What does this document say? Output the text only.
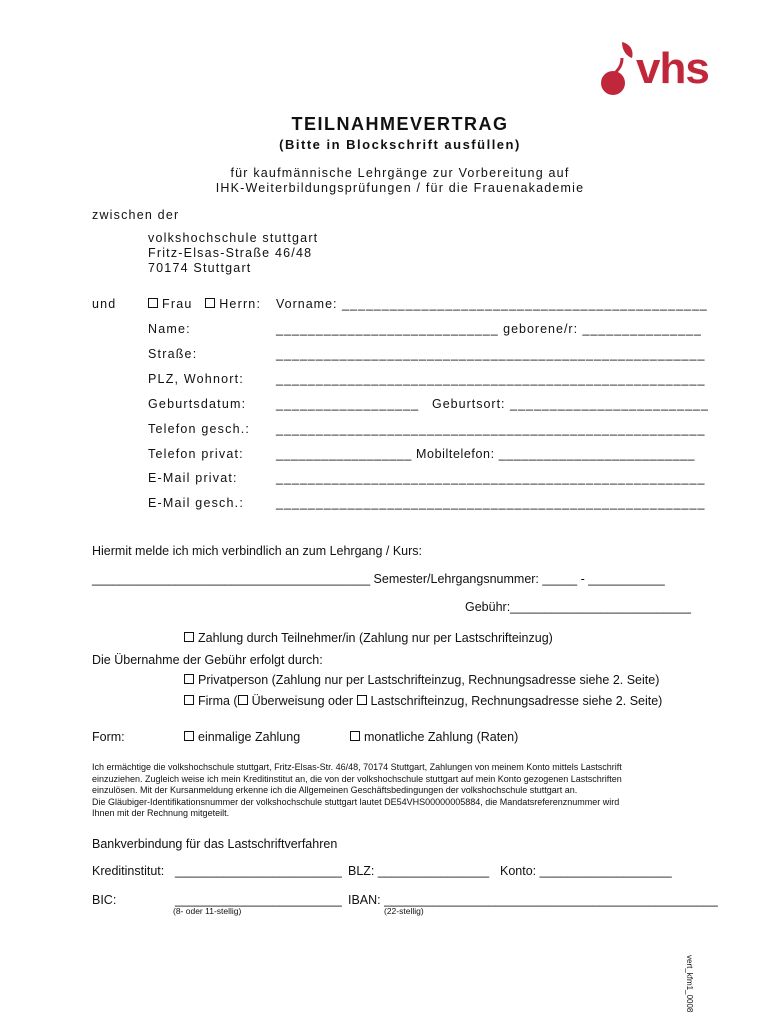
vhs
TEILNAHMEVERTRAG
(Bitte in Blockschrift ausfüllen)
für kaufmännische Lehrgänge zur Vorbereitung auf
IHK-Weiterbildungsprüfungen / für die Frauenakademie
zwischen der
volkshochschule stuttgart
Fritz-Elsas-Straße 46/48
70174 Stuttgart
und	Frau Herrn: Vorname: ______________________________________________
Name:	____________________________ geborene/r: _______________
Straße:	______________________________________________________
PLZ, Wohnort:	______________________________________________________
Geburtsdatum: __________________ Geburtsort: _________________________
Telefon gesch.: ______________________________________________________
Telefon privat:	__________________ Mobiltelefon: __________________________
E-Mail privat:	______________________________________________________
E-Mail gesch.:	______________________________________________________
Hiermit melde ich mich verbindlich an zum Lehrgang / Kurs:
________________________________________ Semester/Lehrgangsnummer: _____ - ___________
Gebühr:__________________________
Zahlung durch Teilnehmer/in (Zahlung nur per Lastschrifteinzug)
Die Übernahme der Gebühr erfolgt durch:
Privatperson (Zahlung nur per Lastschrifteinzug, Rechnungsadresse siehe 2. Seite)
Firma ( Überweisung oder Lastschrifteinzug, Rechnungsadresse siehe 2. Seite)
Form:	einmalige Zahlung	monatliche Zahlung (Raten)
Ich ermächtige die volkshochschule stuttgart, Fritz-Elsas-Str. 46/48, 70174 Stuttgart, Zahlungen von meinem Konto mittels Lastschrift
einzuziehen. Zugleich weise ich mein Kreditinstitut an, die von der volkshochschule stuttgart auf mein Konto gezogenen Lastschriften
einzulösen. Mit der Kursanmeldung erkenne ich die Allgemeinen Geschäftsbedingungen der volkshochschule stuttgart an.
Die Gläubiger-Identifikationsnummer der volkshochschule stuttgart lautet DE54VHS00000005884, die Mandatsreferenznummer wird
Ihnen mit der Rechnung mitgeteilt.
Bankverbindung für das Lastschriftverfahren
Kreditinstitut: ________________________ BLZ: ________________ Konto: ___________________
BIC:	________________________
(8- oder 11-stellig)
IBAN: ________________________________________________
(22-stellig)
vert_kfm1_0008
